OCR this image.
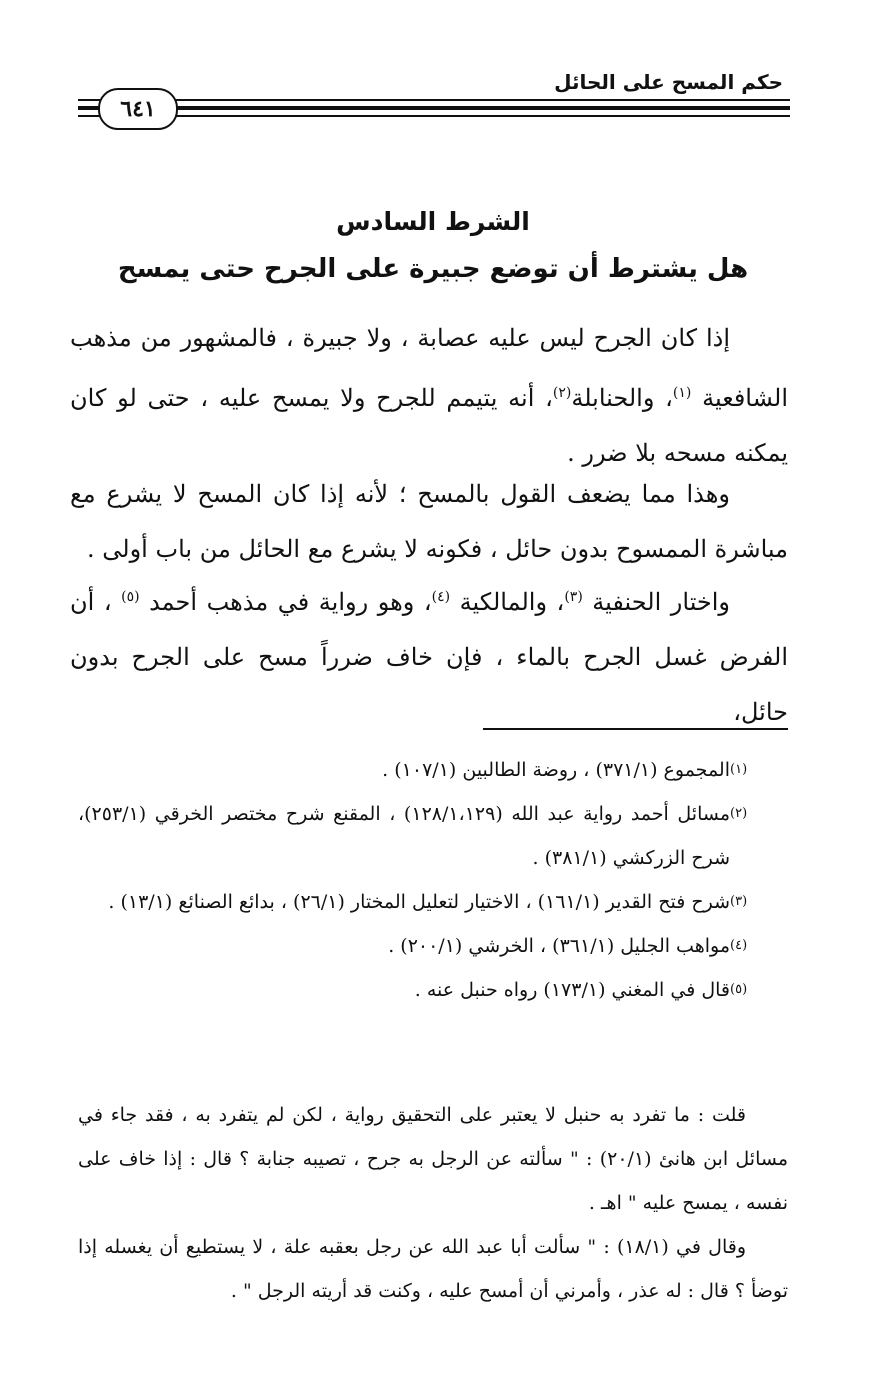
حكم المسح على الحائل
٦٤١
الشرط السادس
هل يشترط أن توضع جبيرة على الجرح حتى يمسح
إذا كان الجرح ليس عليه عصابة ، ولا جبيرة ، فالمشهور من مذهب الشافعية $^{(١)}$، والحنابلة$^{(٢)}$، أنه يتيمم للجرح ولا يمسح عليه ، حتى لو كان يمكنه مسحه بلا ضرر .
وهذا مما يضعف القول بالمسح ؛ لأنه إذا كان المسح لا يشرع مع مباشرة الممسوح بدون حائل ، فكونه لا يشرع مع الحائل من باب أولى .
واختار الحنفية $^{(٣)}$، والمالكية $^{(٤)}$، وهو رواية في مذهب أحمد $^{(٥)}$ ، أن الفرض غسل الجرح بالماء ، فإن خاف ضرراً مسح على الجرح بدون حائل،
(١)
المجموع (٣٧١/١) ، روضة الطالبين (١٠٧/١) .
(٢)
مسائل أحمد رواية عبد الله (١٢٨/١،١٢٩) ، المقنع شرح مختصر الخرقي (٢٥٣/١)، شرح الزركشي (٣٨١/١) .
(٣)
شرح فتح القدير (١٦١/١) ، الاختيار لتعليل المختار (٢٦/١) ، بدائع الصنائع (١٣/١) .
(٤)
مواهب الجليل (٣٦١/١) ، الخرشي (٢٠٠/١) .
(٥)
قال في المغني (١٧٣/١) رواه حنبل عنه .

قلت : ما تفرد به حنبل لا يعتبر على التحقيق رواية ، لكن لم يتفرد به ، فقد جاء في مسائل ابن هانئ (٢٠/١) : " سألته عن الرجل به جرح ، تصيبه جنابة ؟ قال : إذا خاف على نفسه ، يمسح عليه " اهـ .

وقال في (١٨/١) : " سألت أبا عبد الله عن رجل بعقبه علة ، لا يستطيع أن يغسله إذا توضأ ؟ قال : له عذر ، وأمرني أن أمسح عليه ، وكنت قد أريته الرجل " .
